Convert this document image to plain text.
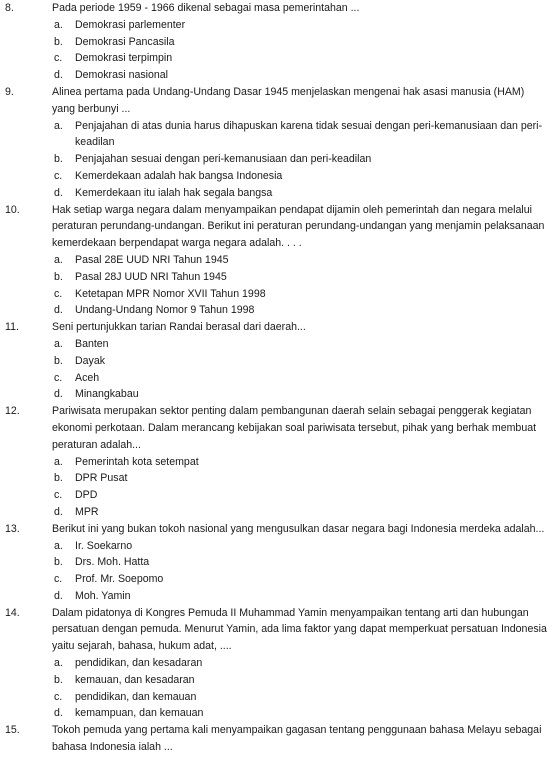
8.	Pada periode 1959 - 1966 dikenal sebagai masa pemerintahan ...

a. Demokrasi parlementer
b. Demokrasi Pancasila
c. Demokrasi terpimpin
d. Demokrasi nasional
9.	Alinea pertama pada Undang-Undang Dasar 1945 menjelaskan mengenai hak asasi manusia (HAM) yang berbunyi ...

a. Penjajahan di atas dunia harus dihapuskan karena tidak sesuai dengan peri-kemanusiaan dan peri-keadilan
b. Penjajahan sesuai dengan peri-kemanusiaan dan peri-keadilan
c. Kemerdekaan adalah hak bangsa Indonesia
d. Kemerdekaan itu ialah hak segala bangsa
10.	Hak setiap warga negara dalam menyampaikan pendapat dijamin oleh pemerintah dan negara melalui peraturan perundang-undangan. Berikut ini peraturan perundang-undangan yang menjamin pelaksanaan kemerdekaan berpendapat warga negara adalah. . . .

a. Pasal 28E UUD NRI Tahun 1945
b. Pasal 28J UUD NRI Tahun 1945
c. Ketetapan MPR Nomor XVII Tahun 1998
d. Undang-Undang Nomor 9 Tahun 1998
11.	Seni pertunjukkan tarian Randai berasal dari daerah...

a. Banten
b. Dayak
c. Aceh
d. Minangkabau
12.	Pariwisata merupakan sektor penting dalam pembangunan daerah selain sebagai penggerak kegiatan ekonomi perkotaan. Dalam merancang kebijakan soal pariwisata tersebut, pihak yang berhak membuat peraturan adalah...

a. Pemerintah kota setempat
b. DPR Pusat
c. DPD
d. MPR
13.	Berikut ini yang bukan tokoh nasional yang mengusulkan dasar negara bagi Indonesia merdeka adalah...

a. Ir. Soekarno
b. Drs. Moh. Hatta
c. Prof. Mr. Soepomo
d. Moh. Yamin
14.	Dalam pidatonya di Kongres Pemuda II Muhammad Yamin menyampaikan tentang arti dan hubungan persatuan dengan pemuda. Menurut Yamin, ada lima faktor yang dapat memperkuat persatuan Indonesia yaitu sejarah, bahasa, hukum adat, ....

a. pendidikan, dan kesadaran
b. kemauan, dan kesadaran
c. pendidikan, dan kemauan
d. kemampuan, dan kemauan
15.	Tokoh pemuda yang pertama kali menyampaikan gagasan tentang penggunaan bahasa Melayu sebagai bahasa Indonesia ialah ...
